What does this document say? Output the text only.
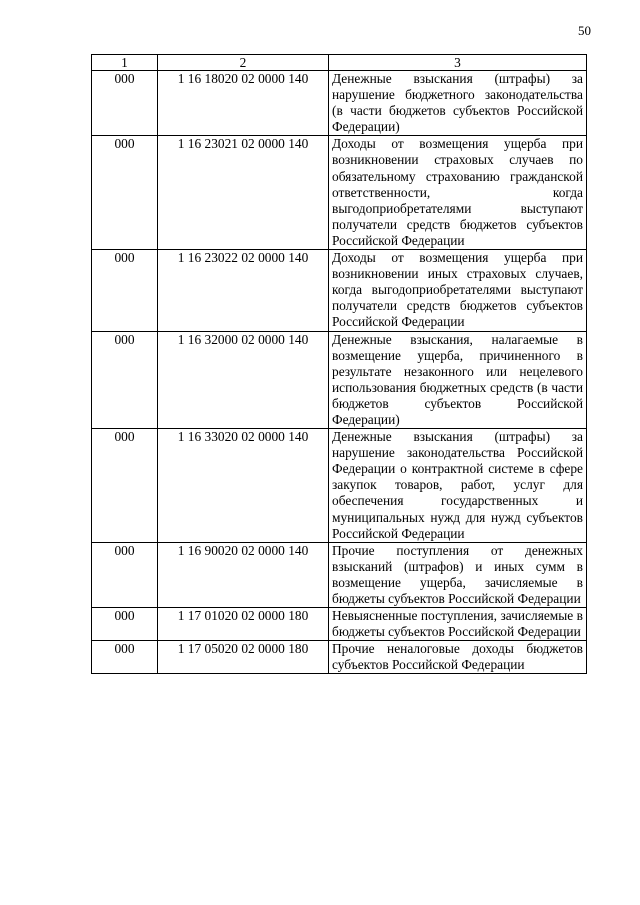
50
1	2	3
000	1 16 18020 02 0000 140	Денежные взыскания (штрафы) за нарушение бюджетного законодательства (в части бюджетов субъектов Российской Федерации)
000	1 16 23021 02 0000 140	Доходы от возмещения ущерба при возникновении страховых случаев по обязательному страхованию гражданской ответственности, когда выгодоприобретателями выступают получатели средств бюджетов субъектов Российской Федерации
000	1 16 23022 02 0000 140	Доходы от возмещения ущерба при возникновении иных страховых случаев, когда выгодоприобретателями выступают получатели средств бюджетов субъектов Российской Федерации
000	1 16 32000 02 0000 140	Денежные взыскания, налагаемые в возмещение ущерба, причиненного в результате незаконного или нецелевого использования бюджетных средств (в части бюджетов субъектов Российской Федерации)
000	1 16 33020 02 0000 140	Денежные взыскания (штрафы) за нарушение законодательства Российской Федерации о контрактной системе в сфере закупок товаров, работ, услуг для обеспечения государственных и муниципальных нужд для нужд субъектов Российской Федерации
000	1 16 90020 02 0000 140	Прочие поступления от денежных взысканий (штрафов) и иных сумм в возмещение ущерба, зачисляемые в бюджеты субъектов Российской Федерации
000	1 17 01020 02 0000 180	Невыясненные поступления, зачисляемые в бюджеты субъектов Российской Федерации
000	1 17 05020 02 0000 180	Прочие неналоговые доходы бюджетов субъектов Российской Федерации
